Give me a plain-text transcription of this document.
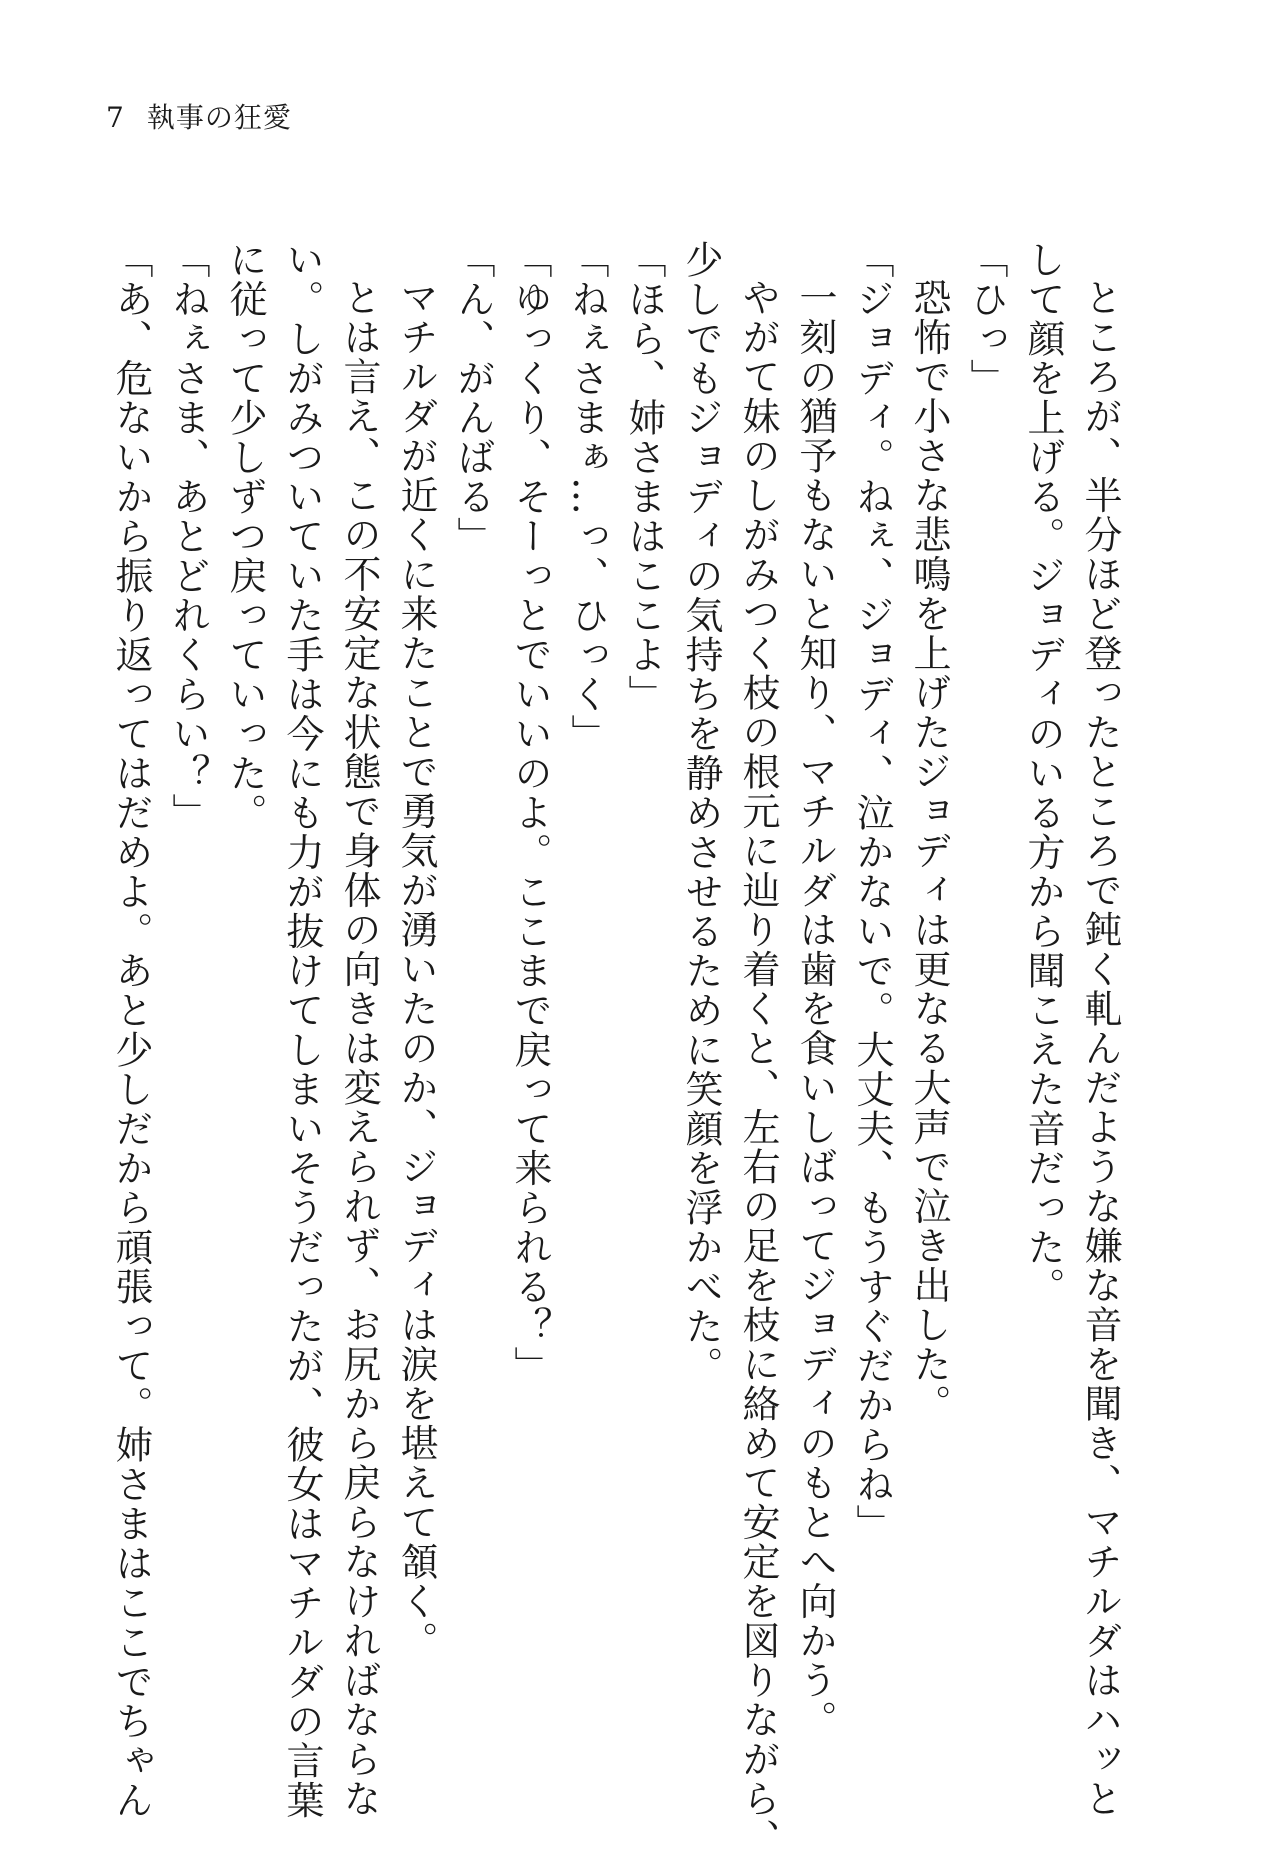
7 執事の狂愛

ところが、半分ほど登ったところで鈍く軋んだような嫌な音を聞き、マチルダはハッと

して顔を上げる。ジョディのいる方から聞こえた音だった。

「ひっ」

恐怖で小さな悲鳴を上げたジョディは更なる大声で泣き出した。

「ジョディ。ねぇ、ジョディ、泣かないで。大丈夫、もうすぐだからね」

一刻の猶予もないと知り、マチルダは歯を食いしばってジョディのもとへ向かう。

やがて妹のしがみつく枝の根元に辿り着くと、左右の足を枝に絡めて安定を図りながら、

少しでもジョディの気持ちを静めさせるために笑顔を浮かべた。

「ほら、姉さまはここよ」

「ねぇさまぁ…っ、ひっく」

「ゆっくり、そーっとでいいのよ。ここまで戻って来られる？」

「ん、がんばる」

マチルダが近くに来たことで勇気が湧いたのか、ジョディは涙を堪えて頷く。

とは言え、この不安定な状態で身体の向きは変えられず、お尻から戻らなければならな

い。しがみついていた手は今にも力が抜けてしまいそうだったが、彼女はマチルダの言葉

に従って少しずつ戻っていった。

「ねぇさま、あとどれくらい？」

「あ、危ないから振り返ってはだめよ。あと少しだから頑張って。姉さまはここでちゃん
